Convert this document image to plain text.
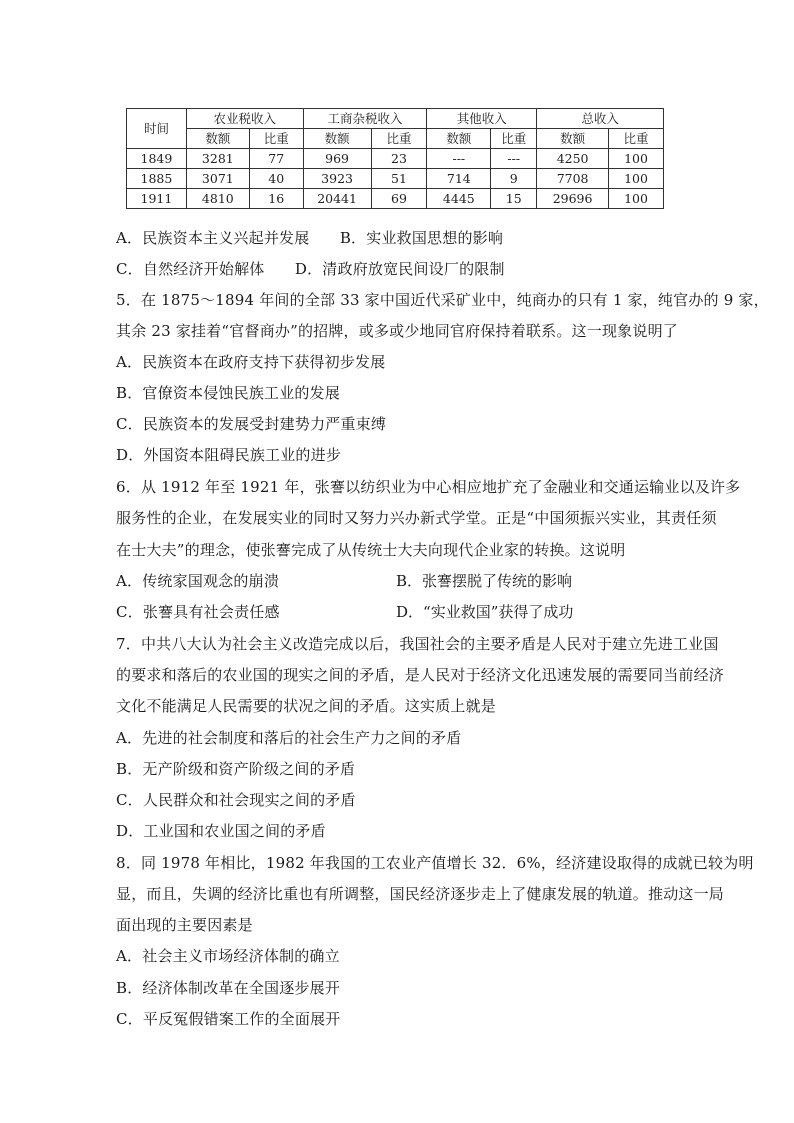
时间	农业税收入		工商杂税收入		其他收入		总收入	
	数额	比重	数额	比重	数额	比重	数额	比重
1849	3281	77	969	23	---	---	4250	100
1885	3071	40	3923	51	714	9	7708	100
1911	4810	16	20441	69	4445	15	29696	100
A．民族资本主义兴起并发展　　B．实业救国思想的影响
C．自然经济开始解体　　D．清政府放宽民间设厂的限制
5．在 1875～1894 年间的全部 33 家中国近代采矿业中，纯商办的只有 1 家，纯官办的 9 家，
其余 23 家挂着“官督商办”的招牌，或多或少地同官府保持着联系。这一现象说明了
A．民族资本在政府支持下获得初步发展
B．官僚资本侵蚀民族工业的发展
C．民族资本的发展受封建势力严重束缚
D．外国资本阻碍民族工业的进步
6．从 1912 年至 1921 年，张謇以纺织业为中心相应地扩充了金融业和交通运输业以及许多
服务性的企业，在发展实业的同时又努力兴办新式学堂。正是“中国须振兴实业，其责任须
在士大夫”的理念，使张謇完成了从传统士大夫向现代企业家的转换。这说明
A．传统家国观念的崩溃	B．张謇摆脱了传统的影响
C．张謇具有社会责任感	D．“实业救国”获得了成功
7．中共八大认为社会主义改造完成以后，我国社会的主要矛盾是人民对于建立先进工业国
的要求和落后的农业国的现实之间的矛盾，是人民对于经济文化迅速发展的需要同当前经济
文化不能满足人民需要的状况之间的矛盾。这实质上就是
A．先进的社会制度和落后的社会生产力之间的矛盾
B．无产阶级和资产阶级之间的矛盾
C．人民群众和社会现实之间的矛盾
D．工业国和农业国之间的矛盾
8．同 1978 年相比，1982 年我国的工农业产值增长 32．6%，经济建设取得的成就已较为明
显，而且，失调的经济比重也有所调整，国民经济逐步走上了健康发展的轨道。推动这一局
面出现的主要因素是
A．社会主义市场经济体制的确立
B．经济体制改革在全国逐步展开
C．平反冤假错案工作的全面展开
